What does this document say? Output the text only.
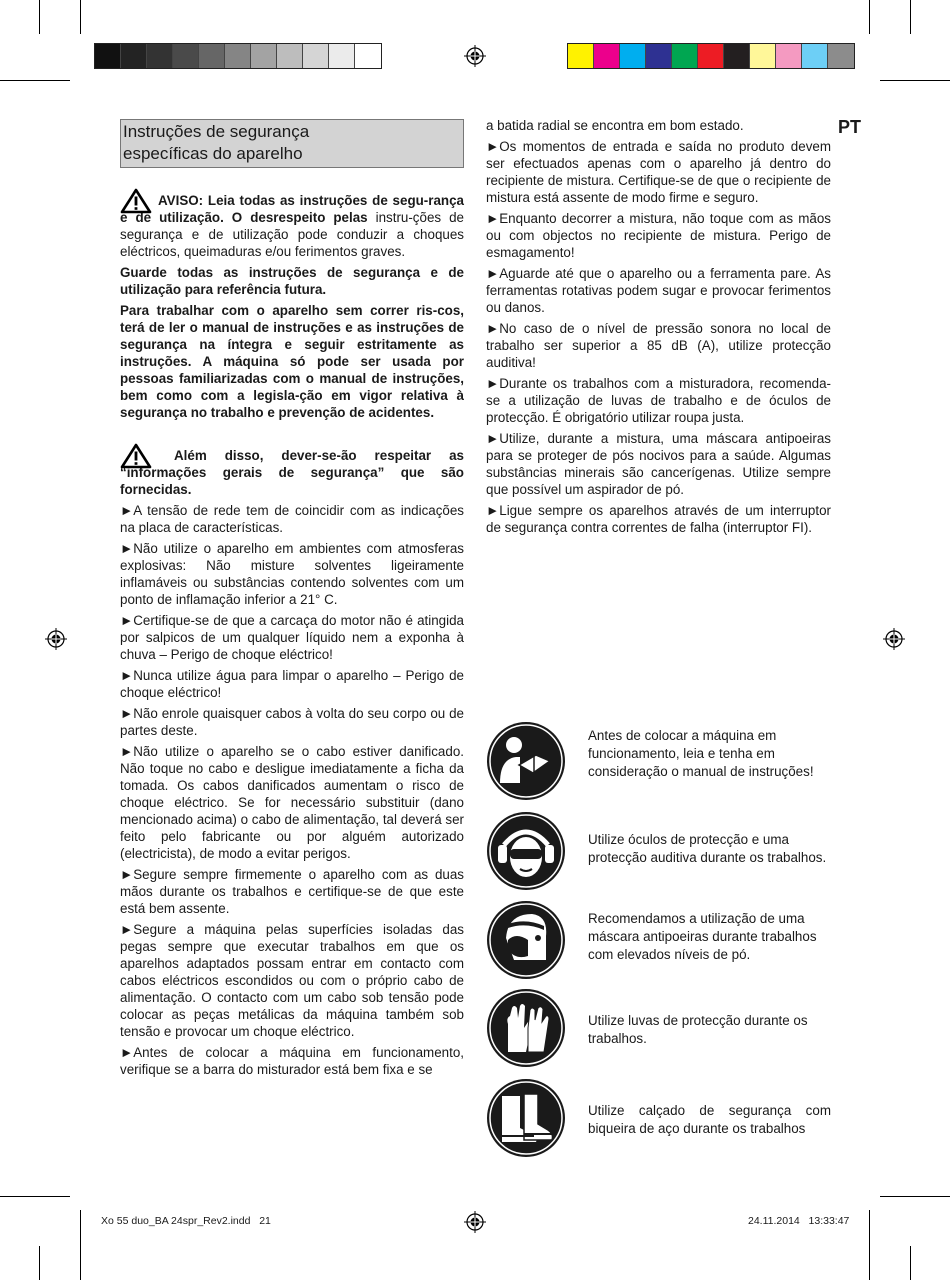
PT
Instruções de segurança
específicas do aparelho

AVISO: Leia todas as instruções de segu-rança e de utilização. O desrespeito pelas instru-ções de segurança e de utilização pode conduzir a choques eléctricos, queimaduras e/ou ferimentos graves.

Guarde todas as instruções de segurança e de utilização para referência futura.

Para trabalhar com o aparelho sem correr ris-cos, terá de ler o manual de instruções e as instruções de segurança na íntegra e seguir estritamente as instruções. A máquina só pode ser usada por pessoas familiarizadas com o manual de instruções, bem como com a legisla-ção em vigor relativa à segurança no trabalho e prevenção de acidentes.

Além disso, dever-se-ão respeitar as “informações gerais de segurança” que são fornecidas.

►A tensão de rede tem de coincidir com as indicações na placa de características.

►Não utilize o aparelho em ambientes com atmosferas explosivas: Não misture solventes ligeiramente inflamáveis ou substâncias contendo solventes com um ponto de inflamação inferior a 21° C.

►Certifique-se de que a carcaça do motor não é atingida por salpicos de um qualquer líquido nem a exponha à chuva – Perigo de choque eléctrico!

►Nunca utilize água para limpar o aparelho – Perigo de choque eléctrico!

►Não enrole quaisquer cabos à volta do seu corpo ou de partes deste.

►Não utilize o aparelho se o cabo estiver danificado. Não toque no cabo e desligue imediatamente a ficha da tomada. Os cabos danificados aumentam o risco de choque eléctrico. Se for necessário substituir (dano mencionado acima) o cabo de alimentação, tal deverá ser feito pelo fabricante ou por alguém autorizado (electricista), de modo a evitar perigos.

►Segure sempre firmemente o aparelho com as duas mãos durante os trabalhos e certifique-se de que este está bem assente.

►Segure a máquina pelas superfícies isoladas das pegas sempre que executar trabalhos em que os aparelhos adaptados possam entrar em contacto com cabos eléctricos escondidos ou com o próprio cabo de alimentação. O contacto com um cabo sob tensão pode colocar as peças metálicas da máquina também sob tensão e provocar um choque eléctrico.

►Antes de colocar a máquina em funcionamento, verifique se a barra do misturador está bem fixa e se

a batida radial se encontra em bom estado.

►Os momentos de entrada e saída no produto devem ser efectuados apenas com o aparelho já dentro do recipiente de mistura. Certifique-se de que o recipiente de mistura está assente de modo firme e seguro.

►Enquanto decorrer a mistura, não toque com as mãos ou com objectos no recipiente de mistura. Perigo de esmagamento!

►Aguarde até que o aparelho ou a ferramenta pare. As ferramentas rotativas podem sugar e provocar ferimentos ou danos.

►No caso de o nível de pressão sonora no local de trabalho ser superior a 85 dB (A), utilize protecção auditiva!

►Durante os trabalhos com a misturadora, recomenda-se a utilização de luvas de trabalho e de óculos de protecção. É obrigatório utilizar roupa justa.

►Utilize, durante a mistura, uma máscara antipoeiras para se proteger de pós nocivos para a saúde. Algumas substâncias minerais são cancerígenas. Utilize sempre que possível um aspirador de pó.

►Ligue sempre os aparelhos através de um interruptor de segurança contra correntes de falha (interruptor FI).

Antes de colocar a máquina em funcionamento, leia e tenha em consideração o manual de instruções!
Utilize óculos de protecção e uma protecção auditiva durante os trabalhos.
Recomendamos a utilização de uma máscara antipoeiras durante trabalhos com elevados níveis de pó.
Utilize luvas de protecção durante os trabalhos.
Utilize calçado de segurança com biqueira de aço durante os trabalhos
Xo 55 duo_BA 24spr_Rev2.indd   21	24.11.2014   13:33:47
